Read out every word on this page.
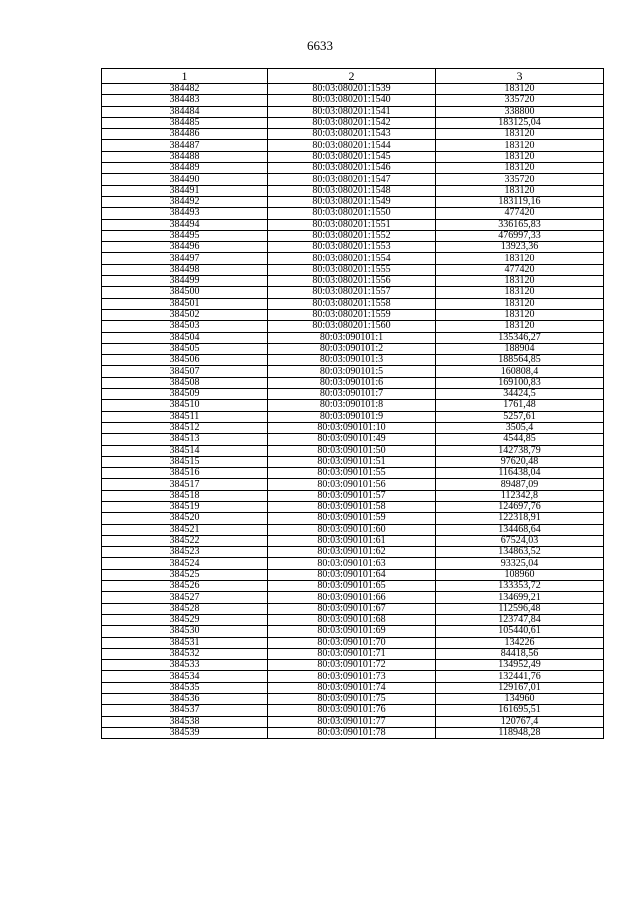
6633
1	2	3
384482	80:03:080201:1539	183120
384483	80:03:080201:1540	335720
384484	80:03:080201:1541	338800
384485	80:03:080201:1542	183125,04
384486	80:03:080201:1543	183120
384487	80:03:080201:1544	183120
384488	80:03:080201:1545	183120
384489	80:03:080201:1546	183120
384490	80:03:080201:1547	335720
384491	80:03:080201:1548	183120
384492	80:03:080201:1549	183119,16
384493	80:03:080201:1550	477420
384494	80:03:080201:1551	336165,83
384495	80:03:080201:1552	476997,33
384496	80:03:080201:1553	13923,36
384497	80:03:080201:1554	183120
384498	80:03:080201:1555	477420
384499	80:03:080201:1556	183120
384500	80:03:080201:1557	183120
384501	80:03:080201:1558	183120
384502	80:03:080201:1559	183120
384503	80:03:080201:1560	183120
384504	80:03:090101:1	135346,27
384505	80:03:090101:2	188904
384506	80:03:090101:3	188564,85
384507	80:03:090101:5	160808,4
384508	80:03:090101:6	169100,83
384509	80:03:090101:7	34424,5
384510	80:03:090101:8	1761,48
384511	80:03:090101:9	5257,61
384512	80:03:090101:10	3505,4
384513	80:03:090101:49	4544,85
384514	80:03:090101:50	142738,79
384515	80:03:090101:51	97620,48
384516	80:03:090101:55	116438,04
384517	80:03:090101:56	89487,09
384518	80:03:090101:57	112342,8
384519	80:03:090101:58	124697,76
384520	80:03:090101:59	122318,91
384521	80:03:090101:60	134468,64
384522	80:03:090101:61	67524,03
384523	80:03:090101:62	134863,52
384524	80:03:090101:63	93325,04
384525	80:03:090101:64	108960
384526	80:03:090101:65	133353,72
384527	80:03:090101:66	134699,21
384528	80:03:090101:67	112596,48
384529	80:03:090101:68	123747,84
384530	80:03:090101:69	105440,61
384531	80:03:090101:70	134226
384532	80:03:090101:71	84418,56
384533	80:03:090101:72	134952,49
384534	80:03:090101:73	132441,76
384535	80:03:090101:74	129167,01
384536	80:03:090101:75	134960
384537	80:03:090101:76	161695,51
384538	80:03:090101:77	120767,4
384539	80:03:090101:78	118948,28
